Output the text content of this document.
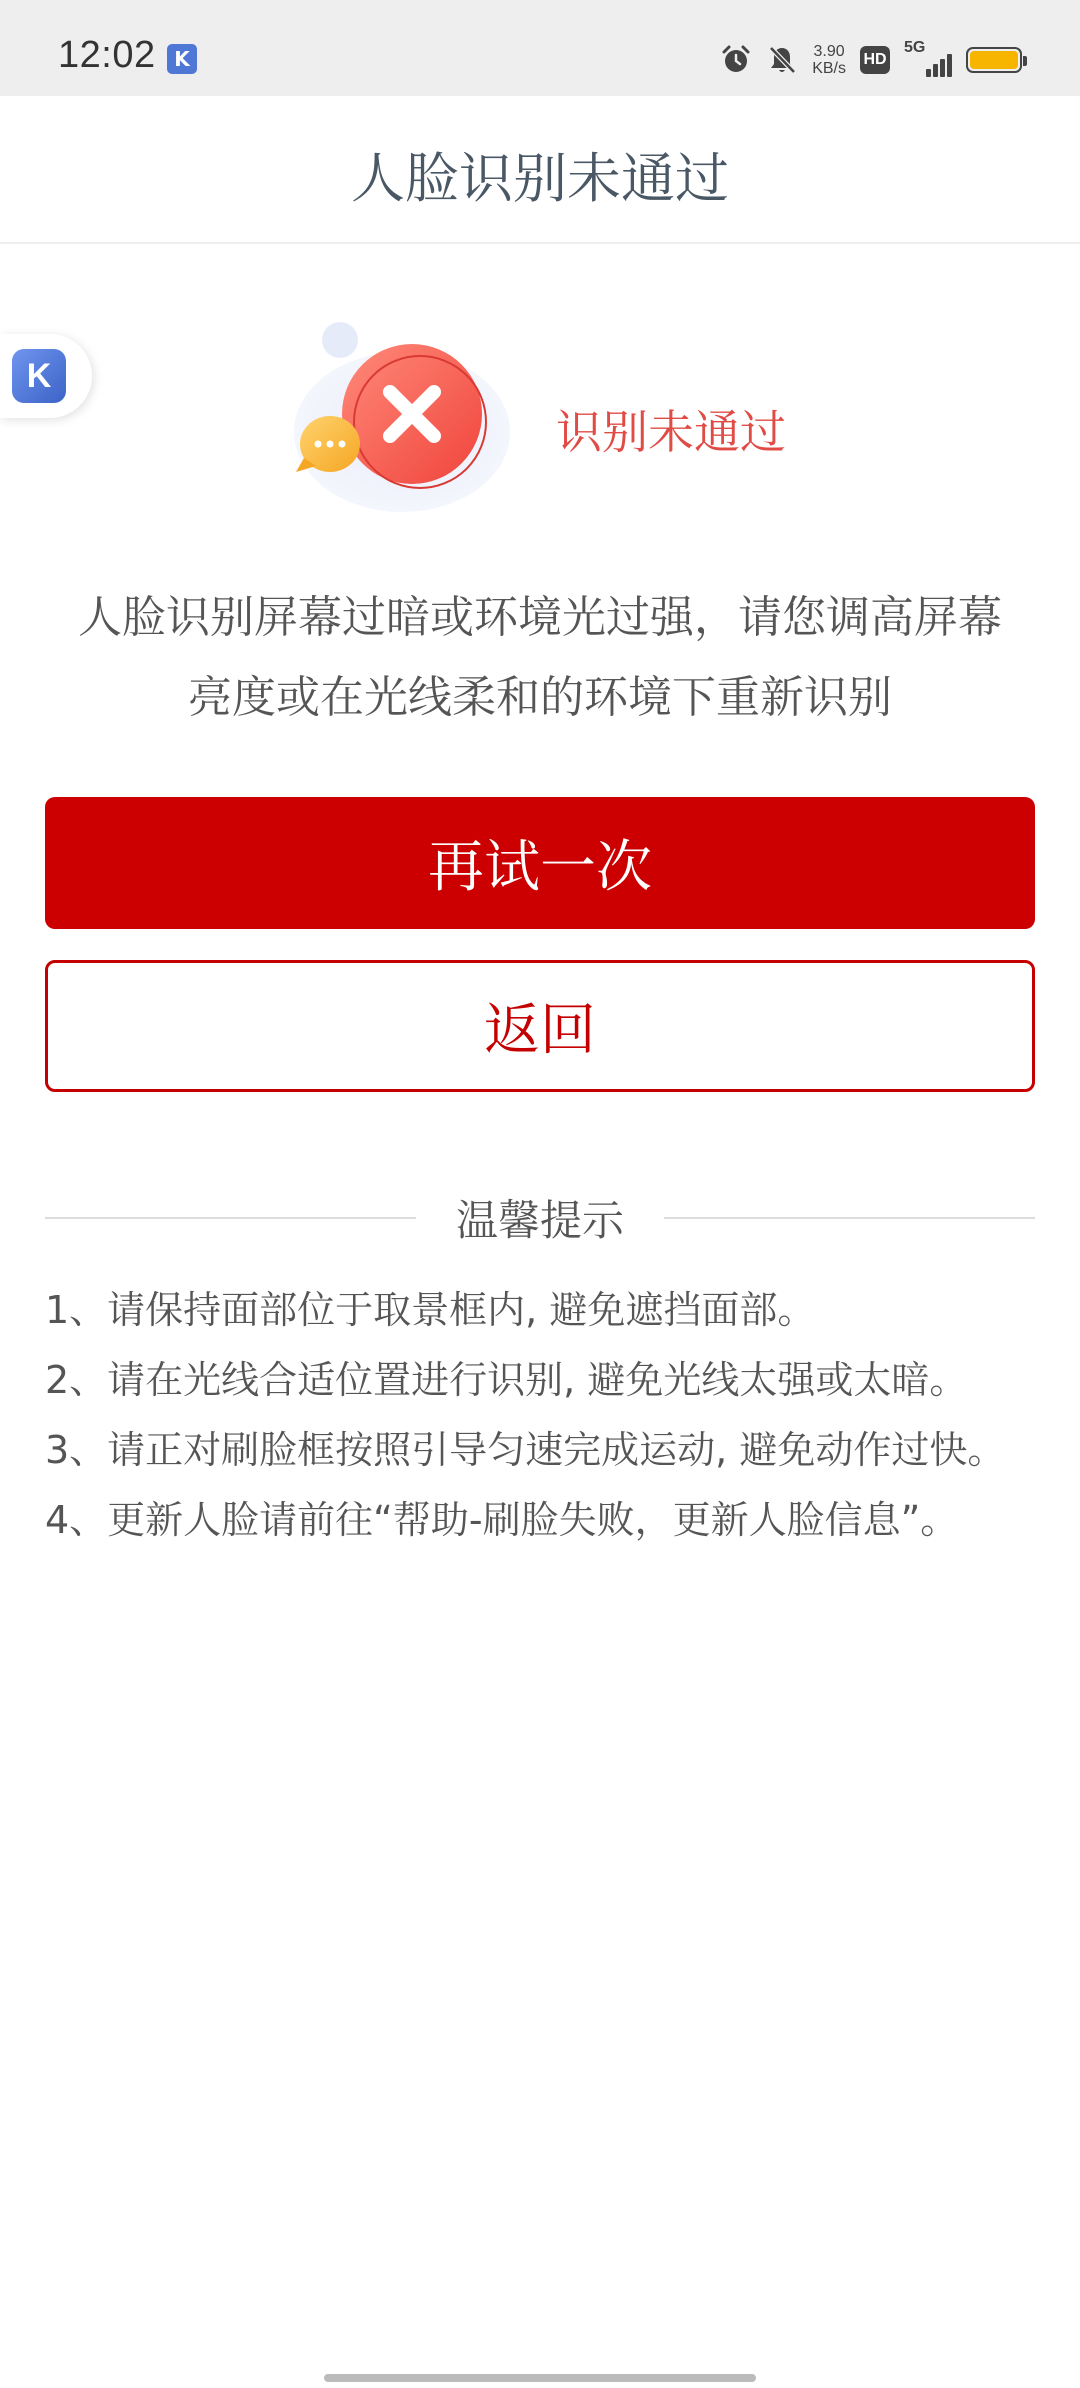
12:02 K	3.90
KB/s
HD
5G
人脸识别未通过
K
识别未通过
人脸识别屏幕过暗或环境光过强，请您调高屏幕
亮度或在光线柔和的环境下重新识别
再试一次
返回
温馨提示
1、请保持面部位于取景框内, 避免遮挡面部。
2、请在光线合适位置进行识别, 避免光线太强或太暗。
3、请正对刷脸框按照引导匀速完成运动, 避免动作过快。
4、更新人脸请前往“帮助-刷脸失败，更新人脸信息”。
